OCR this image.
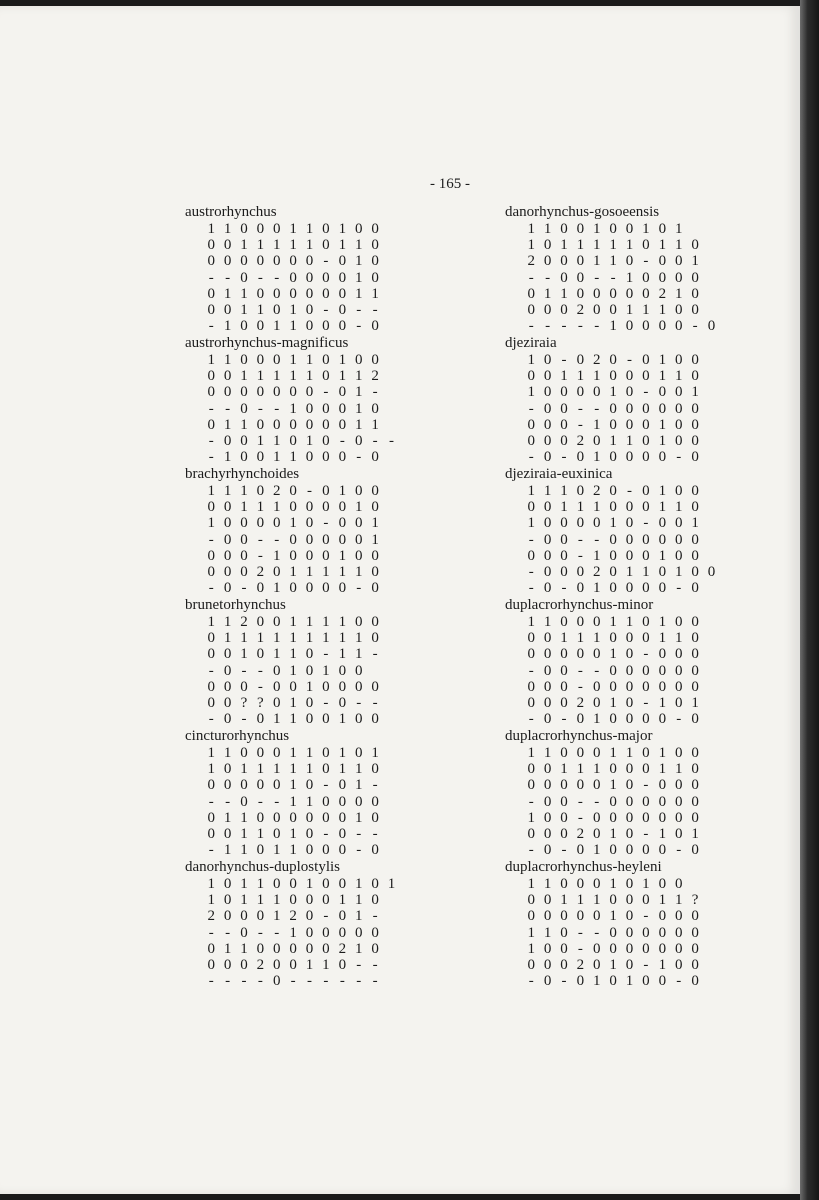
- 165 -
austrorhynchus
1 1 0 0 0 1 1 0 1 0 0
0 0 1 1 1 1 1 0 1 1 0
0 0 0 0 0 0 0 - 0 1 0
- - 0 - - 0 0 0 0 1 0
0 1 1 0 0 0 0 0 0 1 1
0 0 1 1 0 1 0 - 0 - -
- 1 0 0 1 1 0 0 0 - 0
austrorhynchus-magnificus
1 1 0 0 0 1 1 0 1 0 0
0 0 1 1 1 1 1 0 1 1 2
0 0 0 0 0 0 0 - 0 1 -
- - 0 - - 1 0 0 0 1 0
0 1 1 0 0 0 0 0 0 1 1
- 0 0 1 1 0 1 0 - 0 - -
- 1 0 0 1 1 0 0 0 - 0
brachyrhynchoides
1 1 1 0 2 0 - 0 1 0 0
0 0 1 1 1 0 0 0 0 1 0
1 0 0 0 0 1 0 - 0 0 1
- 0 0 - - 0 0 0 0 0 1
0 0 0 - 1 0 0 0 1 0 0
0 0 0 2 0 1 1 1 1 1 0
- 0 - 0 1 0 0 0 0 - 0
brunetorhynchus
1 1 2 0 0 1 1 1 1 0 0
0 1 1 1 1 1 1 1 1 1 0
0 0 1 0 1 1 0 - 1 1 -
- 0 - - 0 1 0 1 0 0
0 0 0 - 0 0 1 0 0 0 0
0 0 ? ? 0 1 0 - 0 - -
- 0 - 0 1 1 0 0 1 0 0
cincturorhynchus
1 1 0 0 0 1 1 0 1 0 1
1 0 1 1 1 1 1 0 1 1 0
0 0 0 0 0 1 0 - 0 1 -
- - 0 - - 1 1 0 0 0 0
0 1 1 0 0 0 0 0 0 1 0
0 0 1 1 0 1 0 - 0 - -
- 1 1 0 1 1 0 0 0 - 0
danorhynchus-duplostylis
1 0 1 1 0 0 1 0 0 1 0 1
1 0 1 1 1 0 0 0 1 1 0
2 0 0 0 1 2 0 - 0 1 -
- - 0 - - 1 0 0 0 0 0
0 1 1 0 0 0 0 0 2 1 0
0 0 0 2 0 0 1 1 0 - -
- - - - 0 - - - - - -
danorhynchus-gosoeensis
1 1 0 0 1 0 0 1 0 1
1 0 1 1 1 1 1 0 1 1 0
2 0 0 0 1 1 0 - 0 0 1
- - 0 0 - - 1 0 0 0 0
0 1 1 0 0 0 0 0 2 1 0
0 0 0 2 0 0 1 1 1 0 0
- - - - - 1 0 0 0 0 - 0
djeziraia
1 0 - 0 2 0 - 0 1 0 0
0 0 1 1 1 0 0 0 1 1 0
1 0 0 0 0 1 0 - 0 0 1
- 0 0 - - 0 0 0 0 0 0
0 0 0 - 1 0 0 0 1 0 0
0 0 0 2 0 1 1 0 1 0 0
- 0 - 0 1 0 0 0 0 - 0
djeziraia-euxinica
1 1 1 0 2 0 - 0 1 0 0
0 0 1 1 1 0 0 0 1 1 0
1 0 0 0 0 1 0 - 0 0 1
- 0 0 - - 0 0 0 0 0 0
0 0 0 - 1 0 0 0 1 0 0
- 0 0 0 2 0 1 1 0 1 0 0
- 0 - 0 1 0 0 0 0 - 0
duplacrorhynchus-minor
1 1 0 0 0 1 1 0 1 0 0
0 0 1 1 1 0 0 0 1 1 0
0 0 0 0 0 1 0 - 0 0 0
- 0 0 - - 0 0 0 0 0 0
0 0 0 - 0 0 0 0 0 0 0
0 0 0 2 0 1 0 - 1 0 1
- 0 - 0 1 0 0 0 0 - 0
duplacrorhynchus-major
1 1 0 0 0 1 1 0 1 0 0
0 0 1 1 1 0 0 0 1 1 0
0 0 0 0 0 1 0 - 0 0 0
- 0 0 - - 0 0 0 0 0 0
1 0 0 - 0 0 0 0 0 0 0
0 0 0 2 0 1 0 - 1 0 1
- 0 - 0 1 0 0 0 0 - 0
duplacrorhynchus-heyleni
1 1 0 0 0 1 0 1 0 0
0 0 1 1 1 0 0 0 1 1 ?
0 0 0 0 0 1 0 - 0 0 0
1 1 0 - - 0 0 0 0 0 0
1 0 0 - 0 0 0 0 0 0 0
0 0 0 2 0 1 0 - 1 0 0
- 0 - 0 1 0 1 0 0 - 0
